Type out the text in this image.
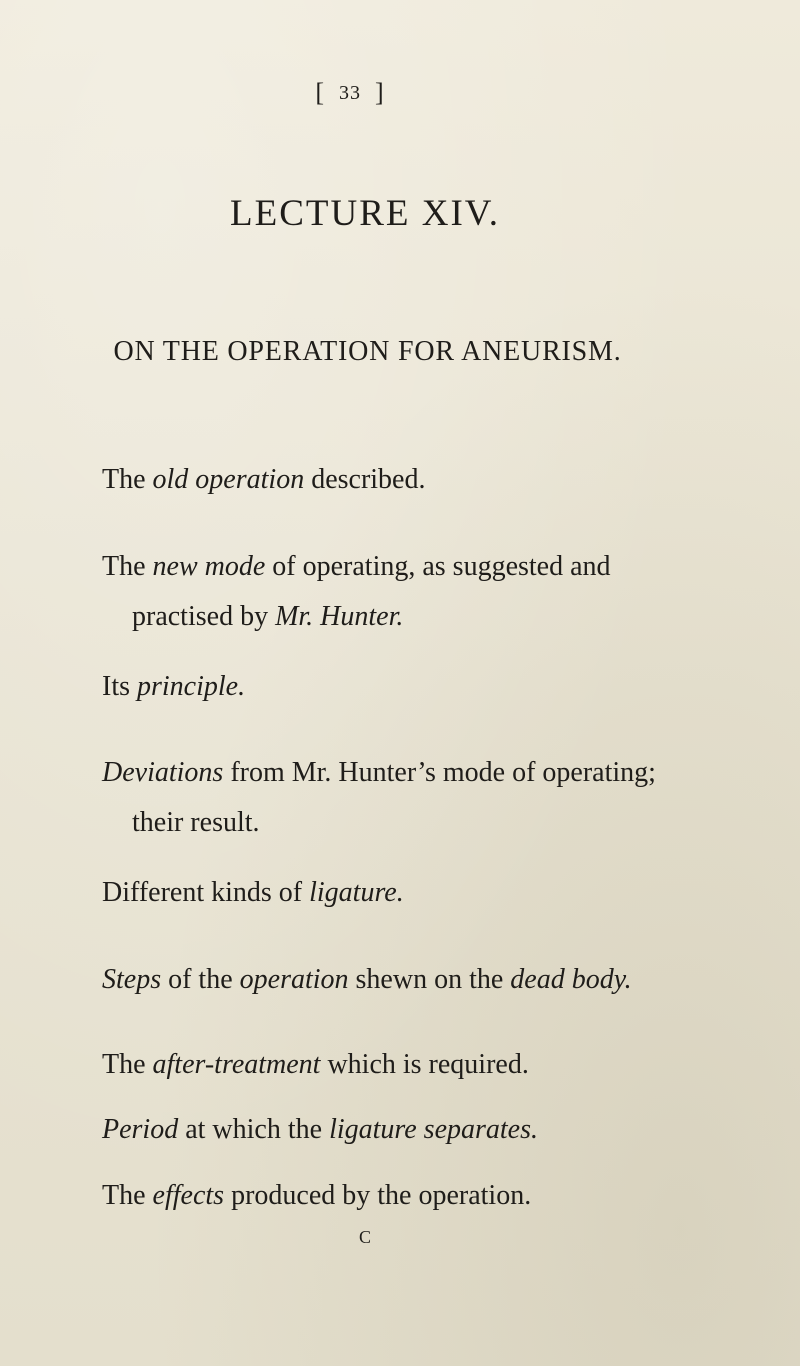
[ 33 ]
LECTURE XIV.
ON THE OPERATION FOR ANEURISM.
The old operation described.
The new mode of operating, as suggested and
practised by Mr. Hunter.
Its principle.
Deviations from Mr. Hunter’s mode of operating;
their result.
Different kinds of ligature.
Steps of the operation shewn on the dead body.
The after-treatment which is required.
Period at which the ligature separates.
The effects produced by the operation.
C
